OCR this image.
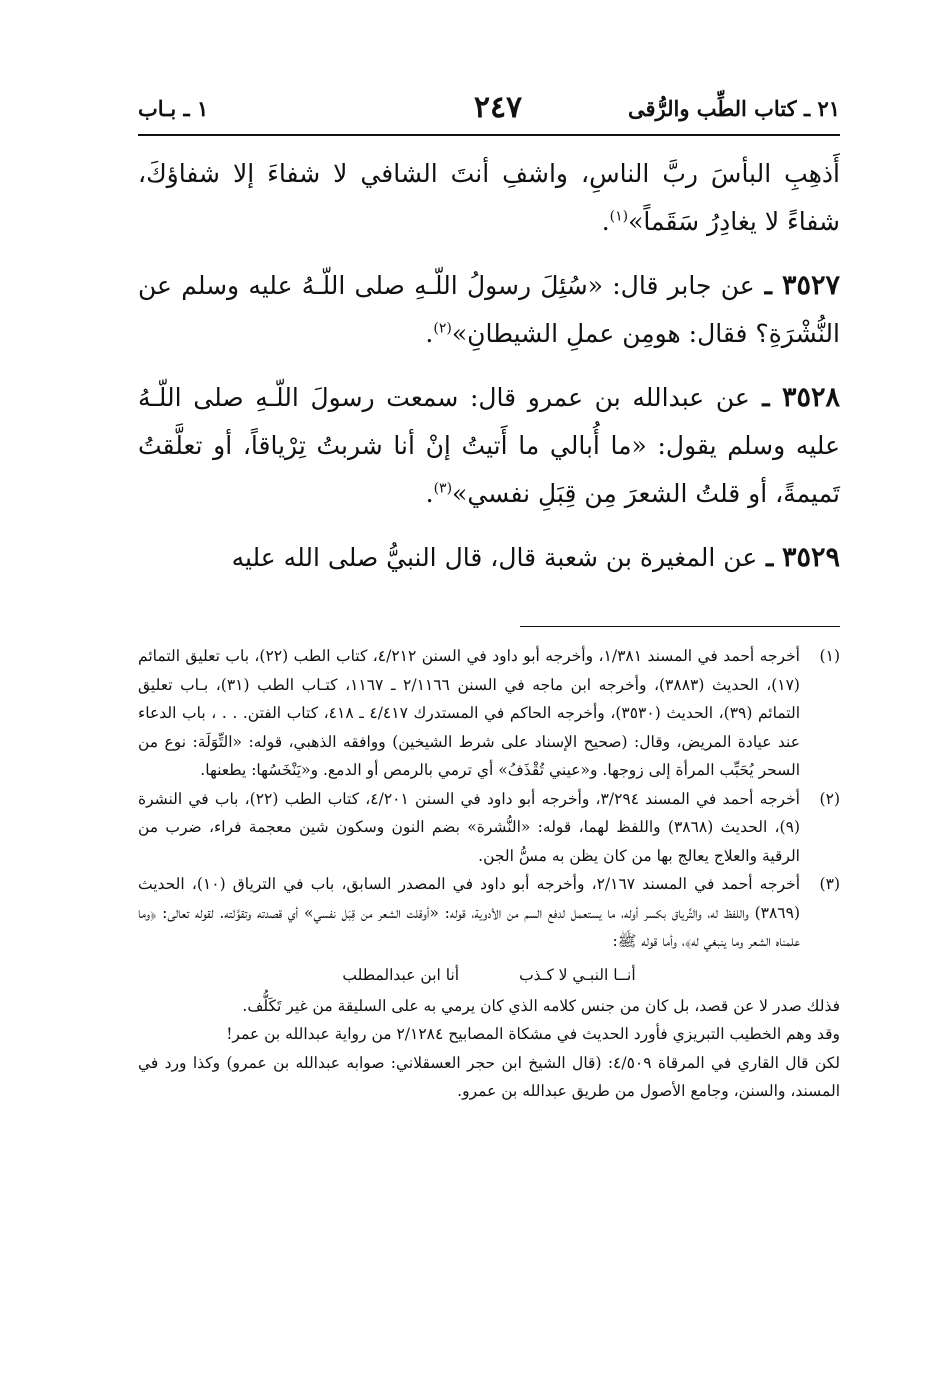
٢١ ـ كتاب الطِّب والرُّقى
٢٤٧
١ ـ بـاب

أَذهِبِ البأسَ ربَّ الناسِ، واشفِ أنتَ الشافي لا شفاءَ إلا شفاؤكَ، شفاءً لا يغادِرُ سَقَماً»$^{(١)}$.

٣٥٢٧ ـ عن جابر قال: «سُئِلَ رسولُ اللّـهِ صلى اللّـهُ عليه وسلم عن النُّشْرَةِ؟ فقال: هومِن عملِ الشيطانِ»$^{(٢)}$.

٣٥٢٨ ـ عن عبدالله بن عمرو قال: سمعت رسولَ اللّـهِ صلى اللّـهُ عليه وسلم يقول: «ما أُبالي ما أَتيتُ إنْ أنا شربتُ تِرْياقاً، أو تعلَّقتُ تَميمةً، أو قلتُ الشعرَ مِن قِبَلِ نفسي»$^{(٣)}$.

٣٥٢٩ ـ عن المغيرة بن شعبة قال، قال النبيُّ صلى الله عليه

(١)
أخرجه أحمد في المسند ١/٣٨١، وأخرجه أبو داود في السنن ٤/٢١٢، كتاب الطب (٢٢)، باب تعليق التمائم (١٧)، الحديث (٣٨٨٣)، وأخرجه ابن ماجه في السنن ٢/١١٦٦ ـ ١١٦٧، كتـاب الطب (٣١)، بـاب تعليق التمائم (٣٩)، الحديث (٣٥٣٠)، وأخرجه الحاكم في المستدرك ٤/٤١٧ ـ ٤١٨، كتاب الفتن. . . ، باب الدعاء عند عيادة المريض، وقال: (صحيح الإسناد على شرط الشيخين) ووافقه الذهبي، قوله: «التِّوَلَة: نوع من السحر يُحَبِّب المرأة إلى زوجها. و«عيني تُقْذَفُ» أي ترمي بالرمص أو الدمع. و«يَنْخَسُها: يطعنها.

(٢)
أخرجه أحمد في المسند ٣/٢٩٤، وأخرجه أبو داود في السنن ٤/٢٠١، كتاب الطب (٢٢)، باب في النشرة (٩)، الحديث (٣٨٦٨) واللفظ لهما، قوله: «النُّشرة» بضم النون وسكون شين معجمة فراء، ضرب من الرقية والعلاج يعالج بها من كان يظن به مسُّ الجن.

(٣)
أخرجه أحمد في المسند ٢/١٦٧، وأخرجه أبو داود في المصدر السابق، باب في الترياق (١٠)، الحديث (٣٨٦٩) واللفظ له، والتِّرياق بكسر أوله، ما يستعمل لدفع السم من الأدوية، قوله: «أوقلت الشعر من قِبَل نفسي» أي قصدته وتقوَّلته. لقوله تعالى: ﴿وما علمناه الشعر وما ينبغي له﴾، وأما قوله ﷺ:

أنــا النبـي لا كـذب
أنا ابن عبدالمطلب

فذلك صدر لا عن قصد، بل كان من جنس كلامه الذي كان يرمي به على السليقة من غير تَكَلُّف.

وقد وهم الخطيب التبريزي فأورد الحديث في مشكاة المصابيح ٢/١٢٨٤ من رواية عبدالله بن عمر!

لكن قال القاري في المرقاة ٤/٥٠٩: (قال الشيخ ابن حجر العسقلاني: صوابه عبدالله بن عمرو) وكذا ورد في المسند، والسنن، وجامع الأصول من طريق عبدالله بن عمرو.
